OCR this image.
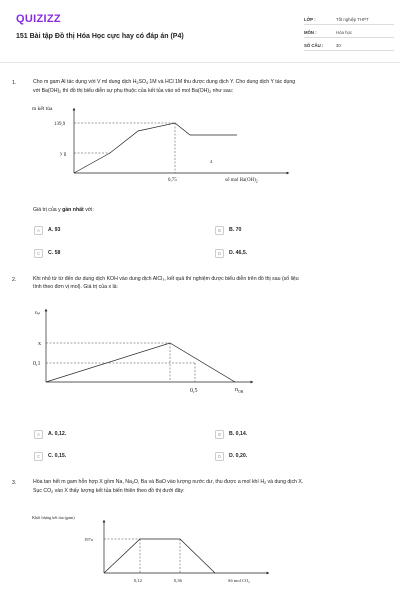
QUIZIZZ
151 Bài tập Đồ thị Hóa Học cực hay có đáp án (P4)
LỚP :	Tốt nghiệp THPT
MÔN :	Hóa học
SỐ CÂU :	30
1.	Cho m gam Al tác dụng với V ml dung dịch $H_2SO_4$ 1M và HCl 1M thu được dung dịch Y. Cho dung dịch Y tác dụng
với $Ba(OH)_2$ thì đồ thị biểu diễn sự phụ thuộc của kết tủa vào số mol $Ba(OH)_2$ như sau:
m kết tủa
139,9
y g
0,75
4
số mol $Ba(OH)_2$
Giá trị của y gần nhất với:
A	A. 93	B	B. 70
C	C. 58	D	D. 46,5.
2.	Khi nhỏ từ từ đến dư dung dịch KOH vào dung dịch AlCl₃, kết quả thí nghiệm được biểu diễn trên đồ thị sau (số liệu
tính theo đơn vị mol). Giá trị của x là:
nₐₗ
x
0,1
0,5	$n_{OH}$
A	A. 0,12.	B	B. 0,14.
C	C. 0,15.	D	D. 0,20.
3.	Hòa tan hết m gam hỗn hợp X gồm Na, $Na_2O$, Ba và BaO vào lượng nước dư, thu được a mol khí $H_2$ và dung dịch X.
Sục $CO_2$ vào X thấy lượng kết tủa biến thiên theo đồ thị dưới đây:
Khối lượng kết tủa (gam)
197a
0,12	0,36	Số mol CO₂
